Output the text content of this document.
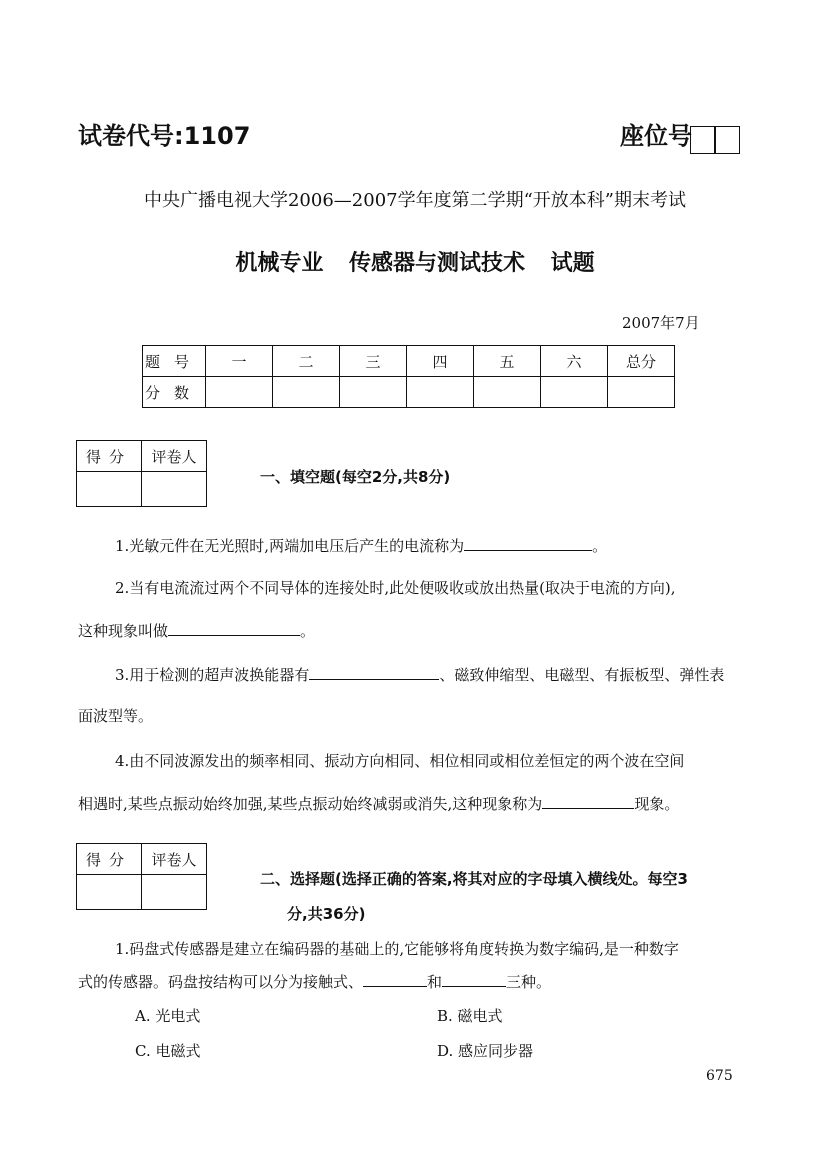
试卷代号:1107	座位号
中央广播电视大学2006—2007学年度第二学期“开放本科”期末考试
机械专业 传感器与测试技术 试题
2007年7月
题号	一	二	三	四	五	六	总分
分数							
得分	评卷人

一、填空题(每空2分,共8分)
1.光敏元件在无光照时,两端加电压后产生的电流称为	。
2.当有电流流过两个不同导体的连接处时,此处便吸收或放出热量(取决于电流的方向),
这种现象叫做	。
3.用于检测的超声波换能器有	、磁致伸缩型、电磁型、有振板型、弹性表
面波型等。
4.由不同波源发出的频率相同、振动方向相同、相位相同或相位差恒定的两个波在空间
相遇时,某些点振动始终加强,某些点振动始终减弱或消失,这种现象称为	现象。
得分	评卷人

二、选择题(选择正确的答案,将其对应的字母填入横线处。每空3
分,共36分)
1.码盘式传感器是建立在编码器的基础上的,它能够将角度转换为数字编码,是一种数字
式的传感器。码盘按结构可以分为接触式、	和	三种。
A. 光电式	B. 磁电式
C. 电磁式	D. 感应同步器
675
